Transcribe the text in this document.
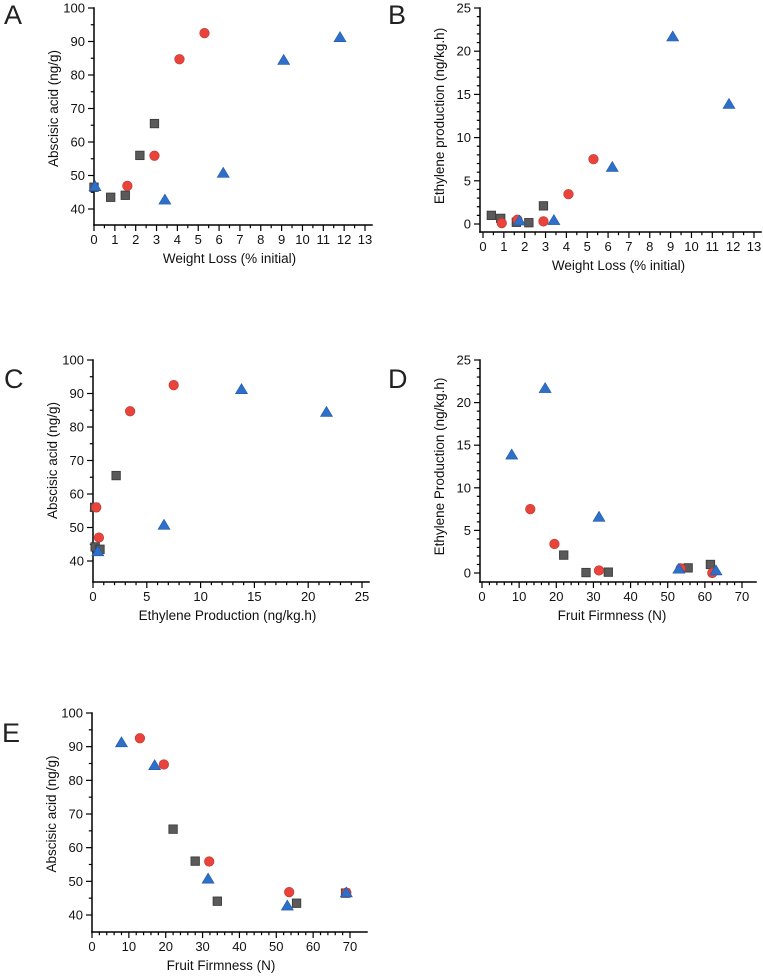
A
0 1 2 3 4 5 6 7 8 9 10 11 12 13
40
50
60
70
80
90
100
Weight Loss (% initial)
Abscisic acid (ng/g)
B
0 1 2 3 4 5 6 7 8 9 10 11 12 13
0
5
10
15
20
25
Weight Loss (% initial)
Ethylene production (ng/kg.h)
C
0	5	10	15	20	25
40
50
60
70
80
90
100
Ethylene Production (ng/kg.h)
Abscisic acid (ng/g)
D
0 10 20 30 40 50 60 70
0
5
10
15
20
25
Fruit Firmness (N)
Ethylene Production (ng/kg.h)
E
0 10 20 30 40 50 60 70
40
50
60
70
80
90
100
Fruit Firmness (N)
Abscisic acid (ng/g)
